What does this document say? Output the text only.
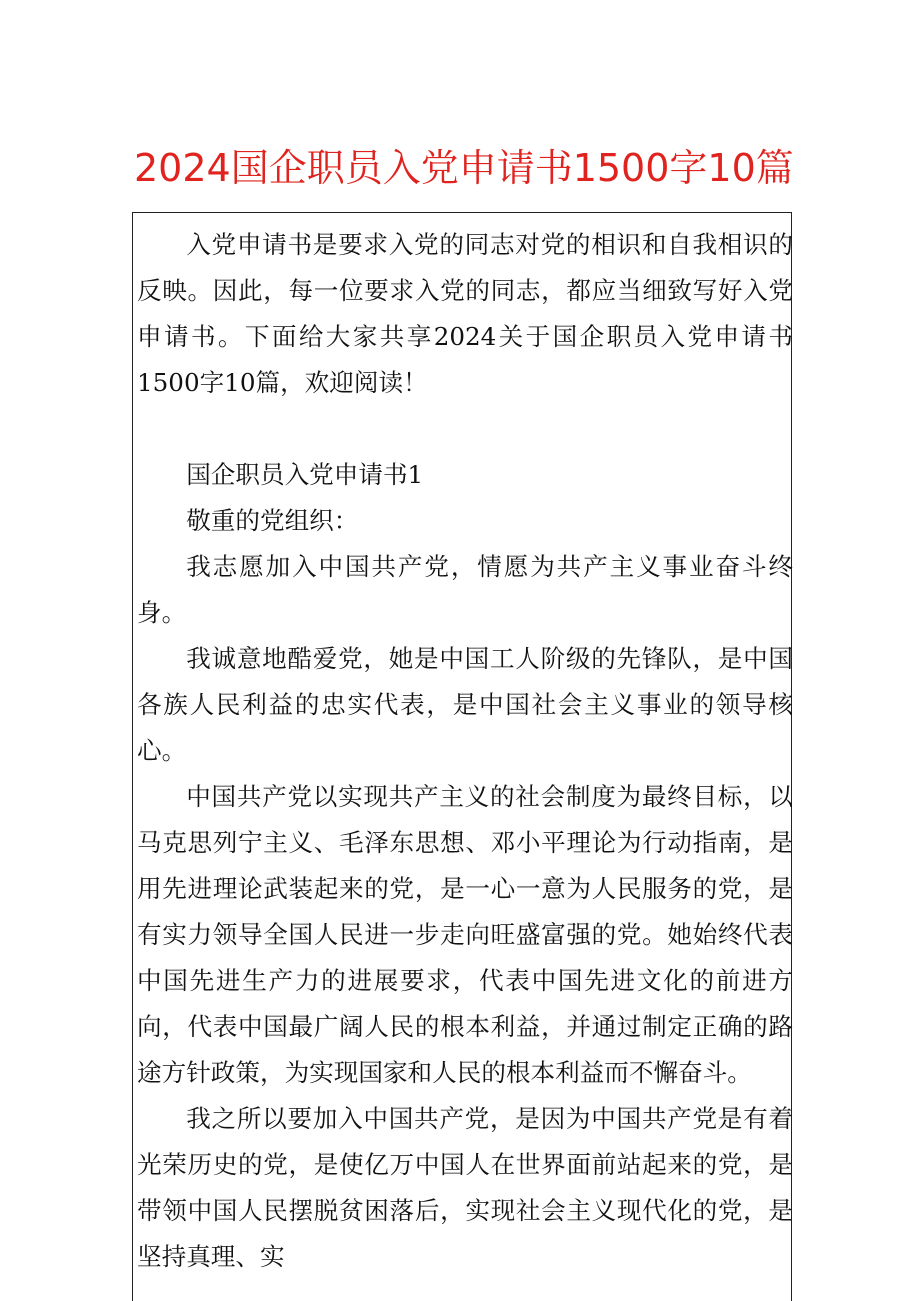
2024国企职员入党申请书1500字10篇

入党申请书是要求入党的同志对党的相识和自我相识的反映。因此，每一位要求入党的同志，都应当细致写好入党申请书。下面给大家共享2024关于国企职员入党申请书1500字10篇，欢迎阅读！

国企职员入党申请书1

敬重的党组织：

我志愿加入中国共产党，情愿为共产主义事业奋斗终身。

我诚意地酷爱党，她是中国工人阶级的先锋队，是中国各族人民利益的忠实代表，是中国社会主义事业的领导核心。

中国共产党以实现共产主义的社会制度为最终目标，以马克思列宁主义、毛泽东思想、邓小平理论为行动指南，是用先进理论武装起来的党，是一心一意为人民服务的党，是有实力领导全国人民进一步走向旺盛富强的党。她始终代表中国先进生产力的进展要求，代表中国先进文化的前进方向，代表中国最广阔人民的根本利益，并通过制定正确的路途方针政策，为实现国家和人民的根本利益而不懈奋斗。

我之所以要加入中国共产党，是因为中国共产党是有着光荣历史的党，是使亿万中国人在世界面前站起来的党，是带领中国人民摆脱贫困落后，实现社会主义现代化的党，是坚持真理、实
